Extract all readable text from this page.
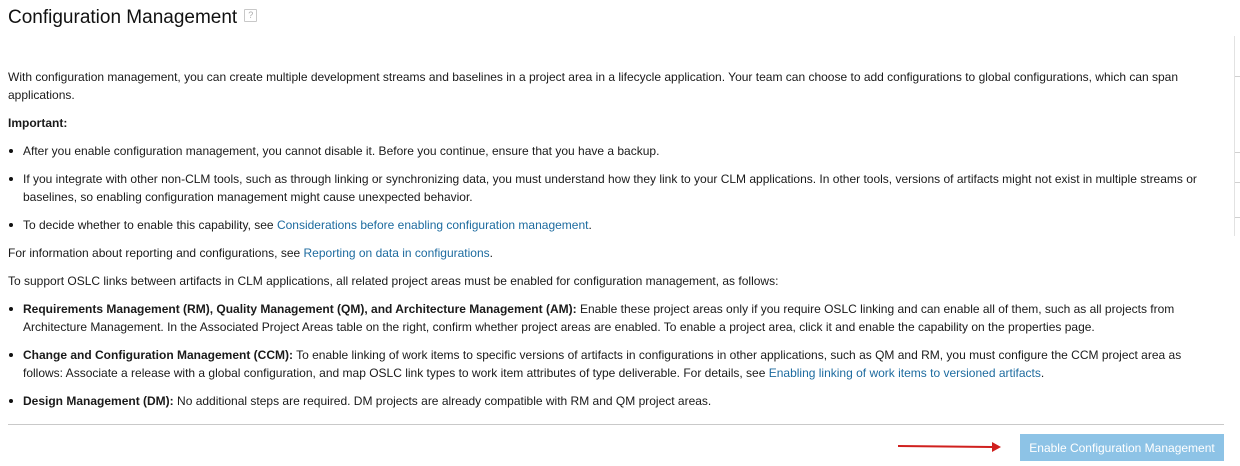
Configuration Management	?

With configuration management, you can create multiple development streams and baselines in a project area in a lifecycle application. Your team can choose to add configurations to global configurations, which can span applications.

Important:

After you enable configuration management, you cannot disable it. Before you continue, ensure that you have a backup.
If you integrate with other non-CLM tools, such as through linking or synchronizing data, you must understand how they link to your CLM applications. In other tools, versions of artifacts might not exist in multiple streams or baselines, so enabling configuration management might cause unexpected behavior.
To decide whether to enable this capability, see Considerations before enabling configuration management.

For information about reporting and configurations, see Reporting on data in configurations.

To support OSLC links between artifacts in CLM applications, all related project areas must be enabled for configuration management, as follows:

Requirements Management (RM), Quality Management (QM), and Architecture Management (AM): Enable these project areas only if you require OSLC linking and can enable all of them, such as all projects from Architecture Management. In the Associated Project Areas table on the right, confirm whether project areas are enabled. To enable a project area, click it and enable the capability on the properties page.
Change and Configuration Management (CCM): To enable linking of work items to specific versions of artifacts in configurations in other applications, such as QM and RM, you must configure the CCM project area as follows: Associate a release with a global configuration, and map OSLC link types to work item attributes of type deliverable. For details, see Enabling linking of work items to versioned artifacts.
Design Management (DM): No additional steps are required. DM projects are already compatible with RM and QM project areas.
Enable Configuration Management
